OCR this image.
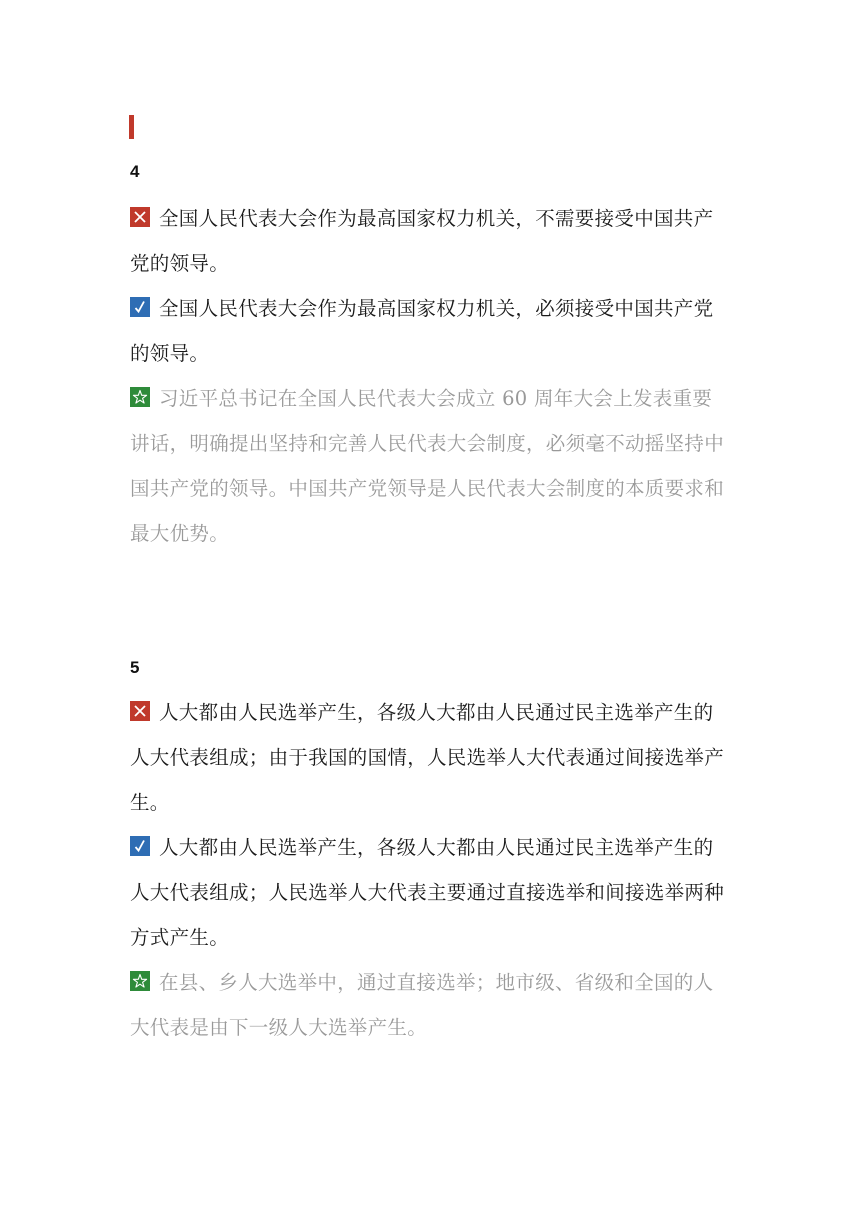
4

全国人民代表大会作为最高国家权力机关，不需要接受中国共产党的领导。

全国人民代表大会作为最高国家权力机关，必须接受中国共产党的领导。

习近平总书记在全国人民代表大会成立 60 周年大会上发表重要讲话，明确提出坚持和完善人民代表大会制度，必须毫不动摇坚持中国共产党的领导。中国共产党领导是人民代表大会制度的本质要求和最大优势。

5

人大都由人民选举产生，各级人大都由人民通过民主选举产生的人大代表组成；由于我国的国情，人民选举人大代表通过间接选举产生。

人大都由人民选举产生，各级人大都由人民通过民主选举产生的人大代表组成；人民选举人大代表主要通过直接选举和间接选举两种方式产生。

在县、乡人大选举中，通过直接选举；地市级、省级和全国的人大代表是由下一级人大选举产生。
